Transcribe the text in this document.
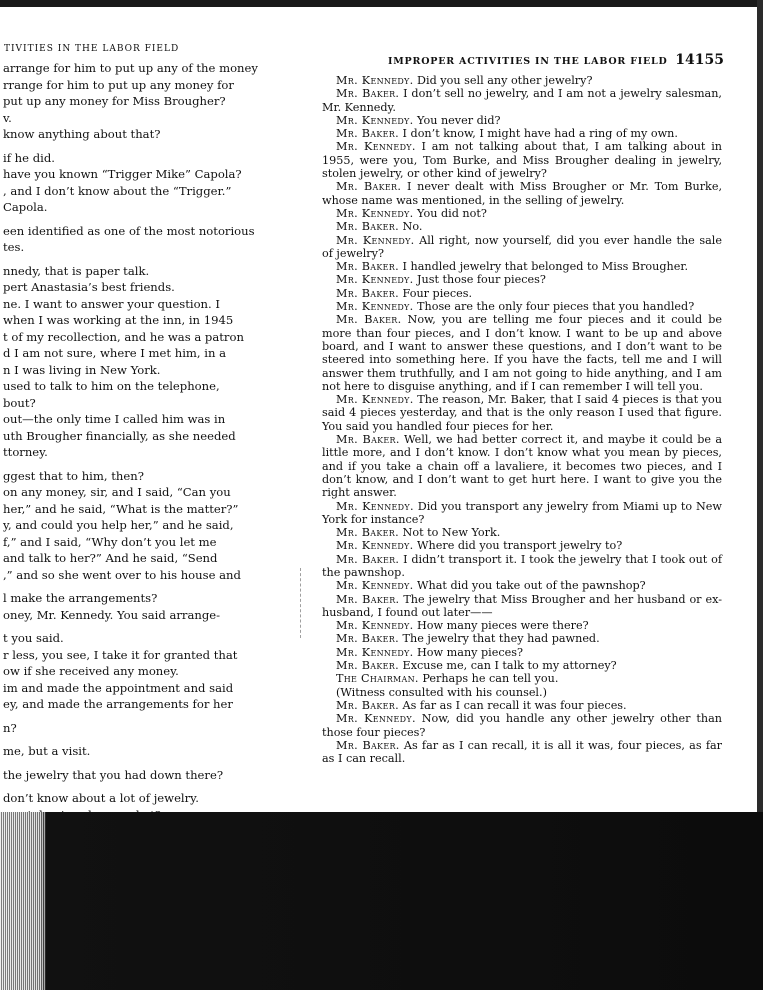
TIVITIES IN THE LABOR FIELD
arrange for him to put up any of the money
rrange for him to put up any money for
put up any money for Miss Brougher?
v.
know anything about that?
if he did.
have you known “Trigger Mike” Capola?
, and I don’t know about the “Trigger.”
Capola.
een identified as one of the most notorious
tes.
nnedy, that is paper talk.
pert Anastasia’s best friends.
ne. I want to answer your question. I
when I was working at the inn, in 1945
t of my recollection, and he was a patron
d I am not sure, where I met him, in a
n I was living in New York.
used to talk to him on the telephone,
bout?
out—the only time I called him was in
uth Brougher financially, as she needed
ttorney.
ggest that to him, then?
on any money, sir, and I said, “Can you
her,” and he said, “What is the matter?”
y, and could you help her,” and he said,
f,” and I said, “Why don’t you let me
and talk to her?” And he said, “Send
,” and so she went over to his house and
l make the arrangements?
oney, Mr. Kennedy. You said arrange-
t you said.
r less, you see, I take it for granted that
ow if she received any money.
im and made the appointment and said
ey, and made the arrangements for her
n?
me, but a visit.
the jewelry that you had down there?
don’t know about a lot of jewelry.
IMPROPER ACTIVITIES IN THE LABOR FIELD 14155

Mr. Kennedy. Did you sell any other jewelry?

Mr. Baker. I don’t sell no jewelry, and I am not a jewelry salesman, Mr. Kennedy.

Mr. Kennedy. You never did?

Mr. Baker. I don’t know, I might have had a ring of my own.

Mr. Kennedy. I am not talking about that, I am talking about in 1955, were you, Tom Burke, and Miss Brougher dealing in jewelry, stolen jewelry, or other kind of jewelry?

Mr. Baker. I never dealt with Miss Brougher or Mr. Tom Burke, whose name was mentioned, in the selling of jewelry.

Mr. Kennedy. You did not?

Mr. Baker. No.

Mr. Kennedy. All right, now yourself, did you ever handle the sale of jewelry?

Mr. Baker. I handled jewelry that belonged to Miss Brougher.

Mr. Kennedy. Just those four pieces?

Mr. Baker. Four pieces.

Mr. Kennedy. Those are the only four pieces that you handled?

Mr. Baker. Now, you are telling me four pieces and it could be more than four pieces, and I don’t know. I want to be up and above board, and I want to answer these questions, and I don’t want to be steered into something here. If you have the facts, tell me and I will answer them truthfully, and I am not going to hide anything, and I am not here to disguise anything, and if I can remember I will tell you.

Mr. Kennedy. The reason, Mr. Baker, that I said 4 pieces is that you said 4 pieces yesterday, and that is the only reason I used that figure. You said you handled four pieces for her.

Mr. Baker. Well, we had better correct it, and maybe it could be a little more, and I don’t know. I don’t know what you mean by pieces, and if you take a chain off a lavaliere, it becomes two pieces, and I don’t know, and I don’t want to get hurt here. I want to give you the right answer.

Mr. Kennedy. Did you transport any jewelry from Miami up to New York for instance?

Mr. Baker. Not to New York.

Mr. Kennedy. Where did you transport jewelry to?

Mr. Baker. I didn’t transport it. I took the jewelry that I took out of the pawnshop.

Mr. Kennedy. What did you take out of the pawnshop?

Mr. Baker. The jewelry that Miss Brougher and her husband or ex-husband, I found out later——

Mr. Kennedy. How many pieces were there?

Mr. Baker. The jewelry that they had pawned.

Mr. Kennedy. How many pieces?

Mr. Baker. Excuse me, can I talk to my attorney?

The Chairman. Perhaps he can tell you.

(Witness consulted with his counsel.)

Mr. Baker. As far as I can recall it was four pieces.

Mr. Kennedy. Now, did you handle any other jewelry other than those four pieces?

Mr. Baker. As far as I can recall, it is all it was, four pieces, as far as I can recall.
